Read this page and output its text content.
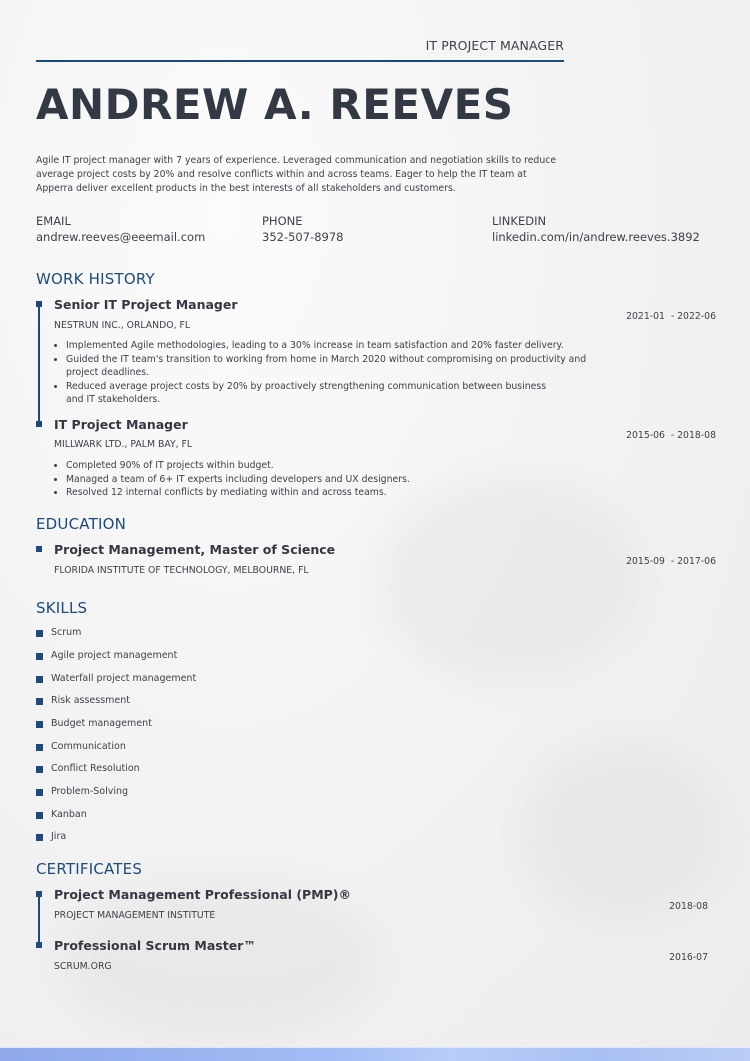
IT PROJECT MANAGER
ANDREW A. REEVES
Agile IT project manager with 7 years of experience. Leveraged communication and negotiation skills to reduce average project costs by 20% and resolve conflicts within and across teams. Eager to help the IT team at Apperra deliver excellent products in the best interests of all stakeholders and customers.
EMAIL
andrew.reeves@eeemail.com
PHONE
352-507-8978
LINKEDIN
linkedin.com/in/andrew.reeves.3892
WORK HISTORY
Senior IT Project Manager
NESTRUN INC., ORLANDO, FL
2021-01  - 2022-06
• Implemented Agile methodologies, leading to a 30% increase in team satisfaction and 20% faster delivery.
• Guided the IT team's transition to working from home in March 2020 without compromising on productivity and project deadlines.
• Reduced average project costs by 20% by proactively strengthening communication between business and IT stakeholders.
IT Project Manager
MILLWARK LTD., PALM BAY, FL
2015-06  - 2018-08
• Completed 90% of IT projects within budget.
• Managed a team of 6+ IT experts including developers and UX designers.
• Resolved 12 internal conflicts by mediating within and across teams.
EDUCATION
Project Management, Master of Science
FLORIDA INSTITUTE OF TECHNOLOGY, MELBOURNE, FL
2015-09  - 2017-06
SKILLS
Scrum
Agile project management
Waterfall project management
Risk assessment
Budget management
Communication
Conflict Resolution
Problem-Solving
Kanban
Jira
CERTIFICATES
Project Management Professional (PMP)®
PROJECT MANAGEMENT INSTITUTE
2018-08
Professional Scrum Master™
SCRUM.ORG
2016-07
